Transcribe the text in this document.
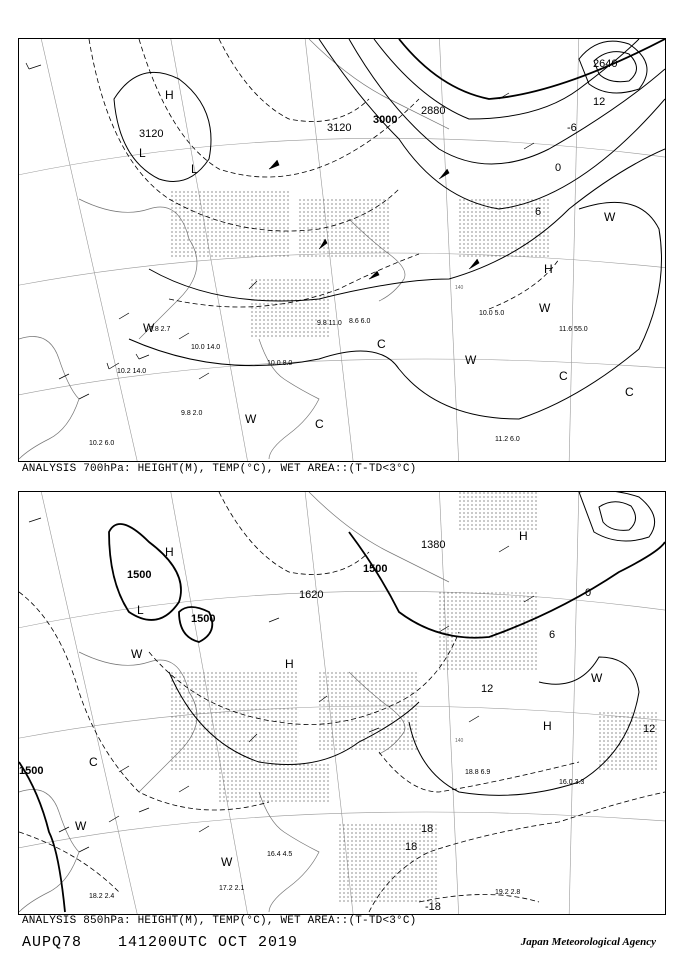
H
L
L
H
W
W
W
W
W
C
C
C
C
3120	3120
3000
2880
2640
12
0
6
-6
10.0 5.0
11.6 55.0
8.6 6.0
9.8 11.0
10.0 8.0
9.8 2.0
10.2 6.0
11.2 6.0
10.2 14.0
10.0 14.0
7.8 2.7
140
ANALYSIS 700hPa: HEIGHT(M), TEMP(°C), WET AREA::(T-TD<3°C)
H
L
H
H
H
W
W
W
W
C
1500
1500
1500
1500
1620
1380
12
12
6
0
18
18
-18
18.8 6.9
16.0 3.3
19.2 2.8
18.2 2.4
17.2 2.1
16.4 4.5
140
ANALYSIS 850hPa: HEIGHT(M), TEMP(°C), WET AREA::(T-TD<3°C)
AUPQ78 141200UTC OCT 2019	Japan Meteorological Agency
